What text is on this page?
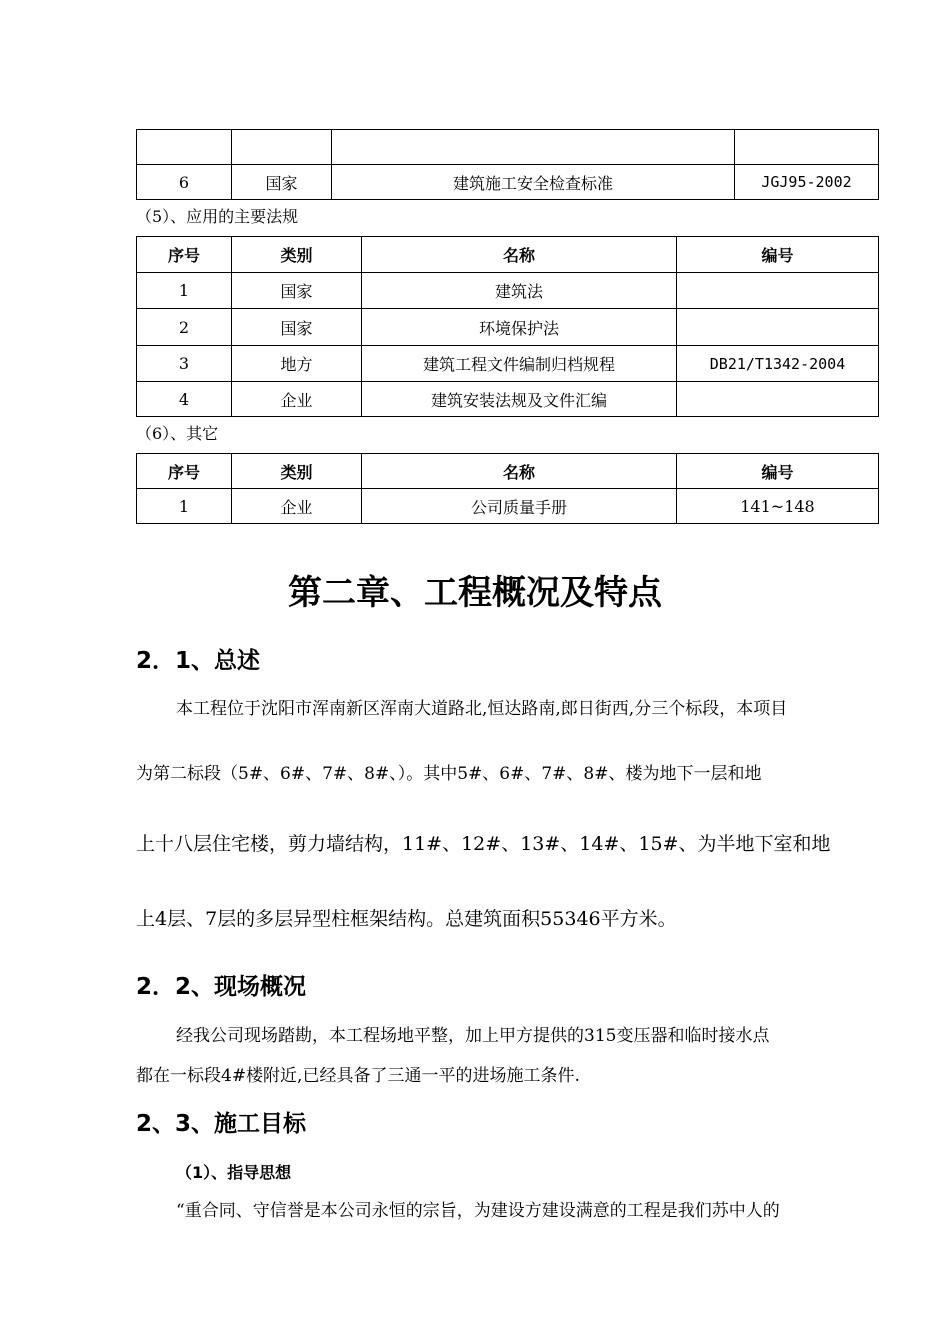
6	国家	建筑施工安全检查标准	JGJ95-2002
（5）、应用的主要法规
序号	类别	名称	编号
1	国家	建筑法	
2	国家	环境保护法	
3	地方	建筑工程文件编制归档规程	DB21/T1342-2004
4	企业	建筑安装法规及文件汇编	
（6）、其它
序号	类别	名称	编号
1	企业	公司质量手册	141~148
第二章、工程概况及特点
2．1、总述
本工程位于沈阳市浑南新区浑南大道路北,恒达路南,郎日街西,分三个标段，本项目
为第二标段（5#、6#、7#、8#、）。其中5#、6#、7#、8#、楼为地下一层和地
上十八层住宅楼，剪力墙结构，11#、12#、13#、14#、15#、为半地下室和地
上4层、7层的多层异型柱框架结构。总建筑面积55346平方米。
2．2、现场概况
经我公司现场踏勘，本工程场地平整，加上甲方提供的315变压器和临时接水点
都在一标段4#楼附近,已经具备了三通一平的进场施工条件.
2、3、施工目标
（1）、指导思想
“重合同、守信誉是本公司永恒的宗旨，为建设方建设满意的工程是我们苏中人的
